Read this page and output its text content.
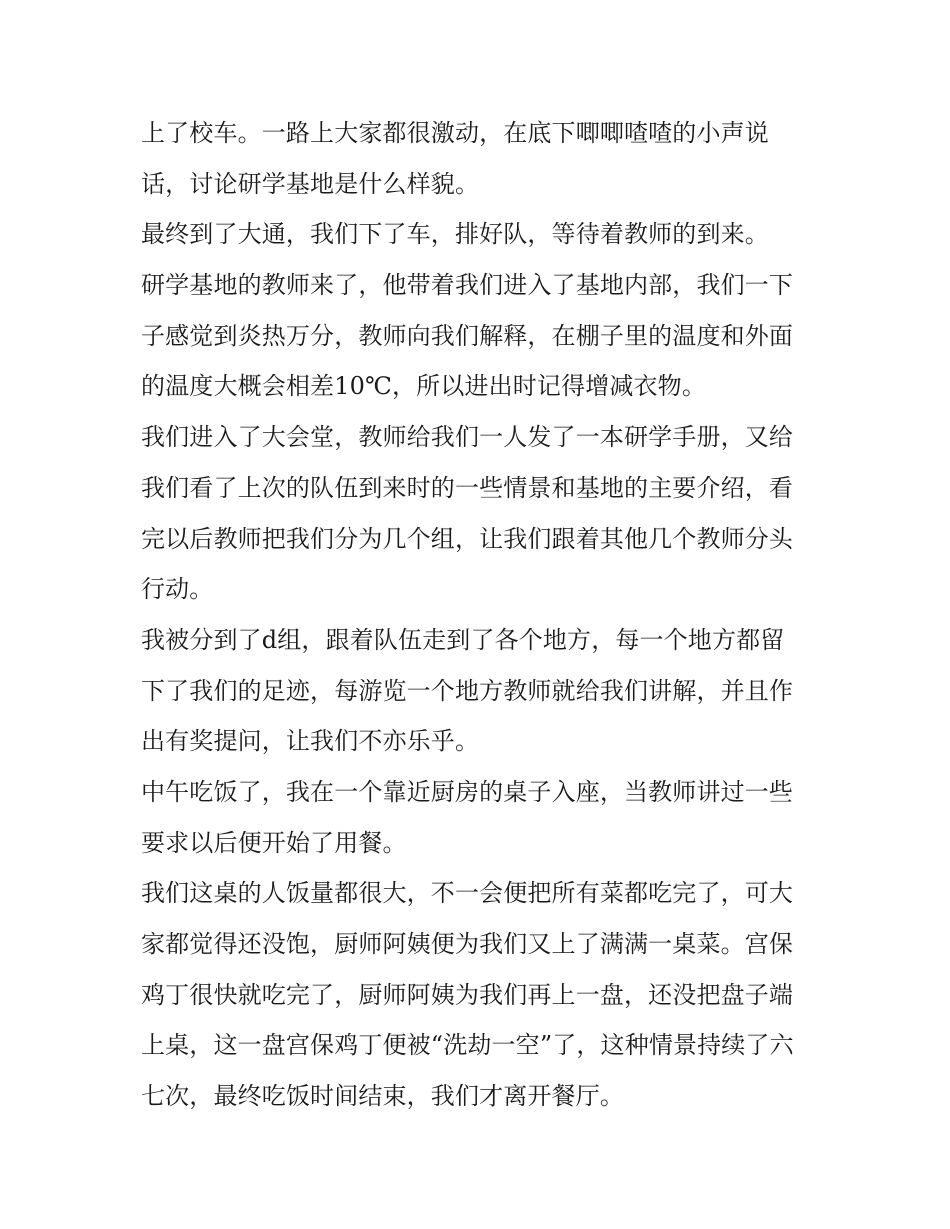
上了校车。一路上大家都很激动，在底下唧唧喳喳的小声说
话，讨论研学基地是什么样貌。
最终到了大通，我们下了车，排好队，等待着教师的到来。
研学基地的教师来了，他带着我们进入了基地内部，我们一下
子感觉到炎热万分，教师向我们解释，在棚子里的温度和外面
的温度大概会相差10℃，所以进出时记得增减衣物。
我们进入了大会堂，教师给我们一人发了一本研学手册，又给
我们看了上次的队伍到来时的一些情景和基地的主要介绍，看
完以后教师把我们分为几个组，让我们跟着其他几个教师分头
行动。
我被分到了d组，跟着队伍走到了各个地方，每一个地方都留
下了我们的足迹，每游览一个地方教师就给我们讲解，并且作
出有奖提问，让我们不亦乐乎。
中午吃饭了，我在一个靠近厨房的桌子入座，当教师讲过一些
要求以后便开始了用餐。
我们这桌的人饭量都很大，不一会便把所有菜都吃完了，可大
家都觉得还没饱，厨师阿姨便为我们又上了满满一桌菜。宫保
鸡丁很快就吃完了，厨师阿姨为我们再上一盘，还没把盘子端
上桌，这一盘宫保鸡丁便被“洗劫一空”了，这种情景持续了六
七次，最终吃饭时间结束，我们才离开餐厅。
